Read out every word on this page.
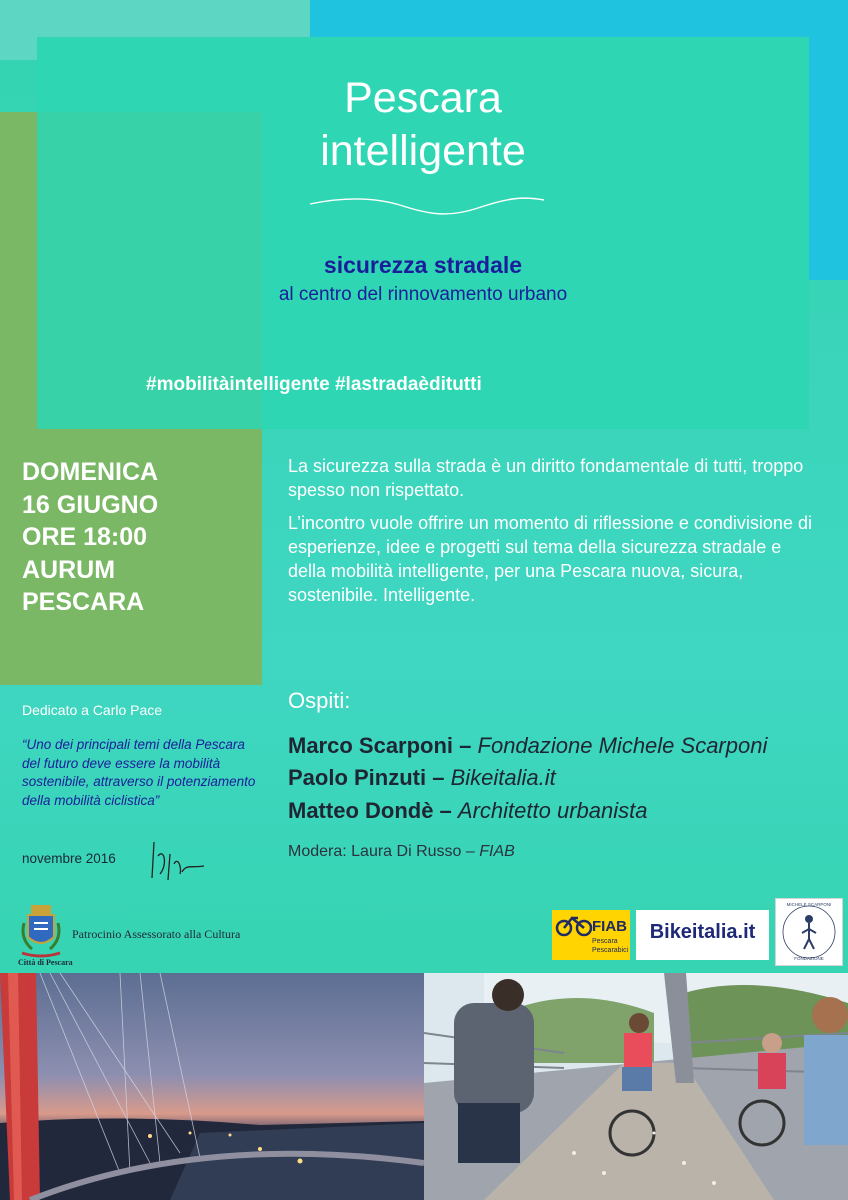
Pescara
intelligente
sicurezza stradale
al centro del rinnovamento urbano
#mobilitàintelligente #lastradaèditutti
DOMENICA
16 GIUGNO
ORE 18:00
AURUM
PESCARA

La sicurezza sulla strada è un diritto fondamentale di tutti, troppo spesso non rispettato.

L’incontro vuole offrire un momento di riflessione e condivisione di esperienze, idee e progetti sul tema della sicurezza stradale e della mobilità intelligente, per una Pescara nuova, sicura, sostenibile. Intelligente.

Ospiti:
Marco Scarponi – Fondazione Michele Scarponi
Paolo Pinzuti – Bikeitalia.it
Matteo Dondè – Architetto urbanista
Modera: Laura Di Russo – FIAB
Dedicato a Carlo Pace
“Uno dei principali temi della Pescara del futuro deve essere la mobilità sostenibile, attraverso il potenziamento della mobilità ciclistica”
novembre 2016
Città di Pescara
Patrocinio Assessorato alla Cultura	FIAB
Pescara
Pescarabici
Bikeitalia.it
MICHELE SCARPONI
FONDAZIONE
